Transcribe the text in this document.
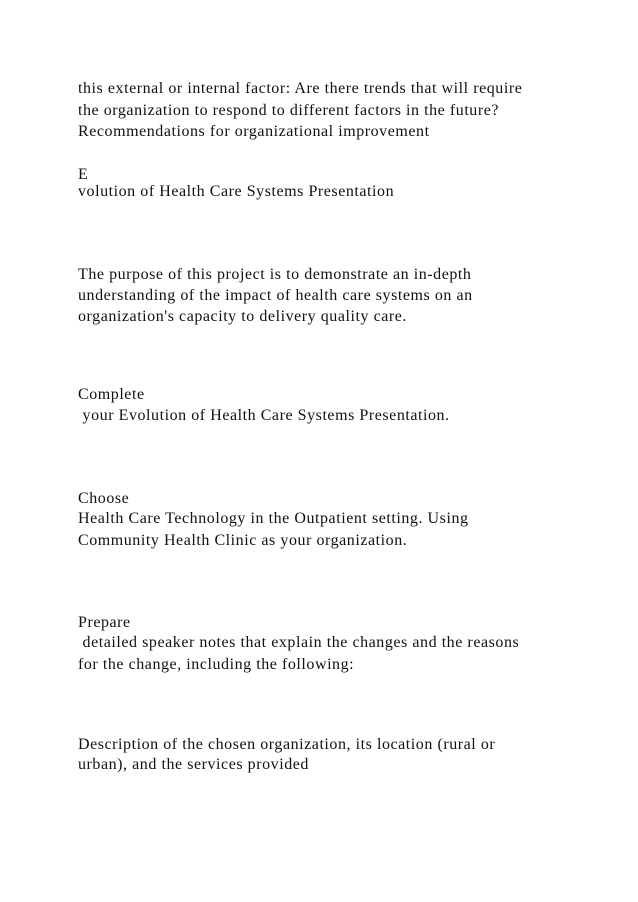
this external or internal factor: Are there trends that will require

the organization to respond to different factors in the future?

Recommendations for organizational improvement

E

volution of Health Care Systems Presentation

The purpose of this project is to demonstrate an in-depth

understanding of the impact of health care systems on an

organization's capacity to delivery quality care.

Complete

your Evolution of Health Care Systems Presentation.

Choose

Health Care Technology in the Outpatient setting. Using

Community Health Clinic as your organization.

Prepare

detailed speaker notes that explain the changes and the reasons

for the change, including the following:

Description of the chosen organization, its location (rural or

urban), and the services provided
